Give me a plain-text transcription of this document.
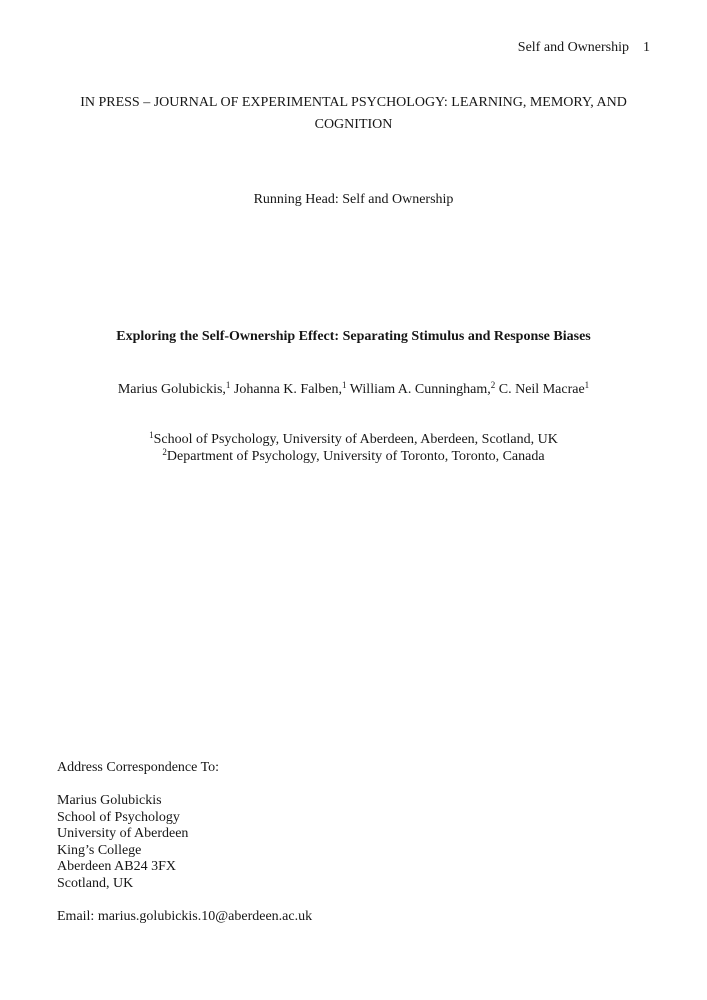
Self and Ownership 1
IN PRESS – JOURNAL OF EXPERIMENTAL PSYCHOLOGY: LEARNING, MEMORY, AND COGNITION
Running Head: Self and Ownership
Exploring the Self-Ownership Effect: Separating Stimulus and Response Biases
Marius Golubickis,$^1$ Johanna K. Falben,$^1$ William A. Cunningham,$^2$ C. Neil Macrae$^1$
$^1$School of Psychology, University of Aberdeen, Aberdeen, Scotland, UK
$^2$Department of Psychology, University of Toronto, Toronto, Canada
Address Correspondence To:
Marius Golubickis
School of Psychology
University of Aberdeen
King’s College
Aberdeen AB24 3FX
Scotland, UK
Email: marius.golubickis.10@aberdeen.ac.uk
